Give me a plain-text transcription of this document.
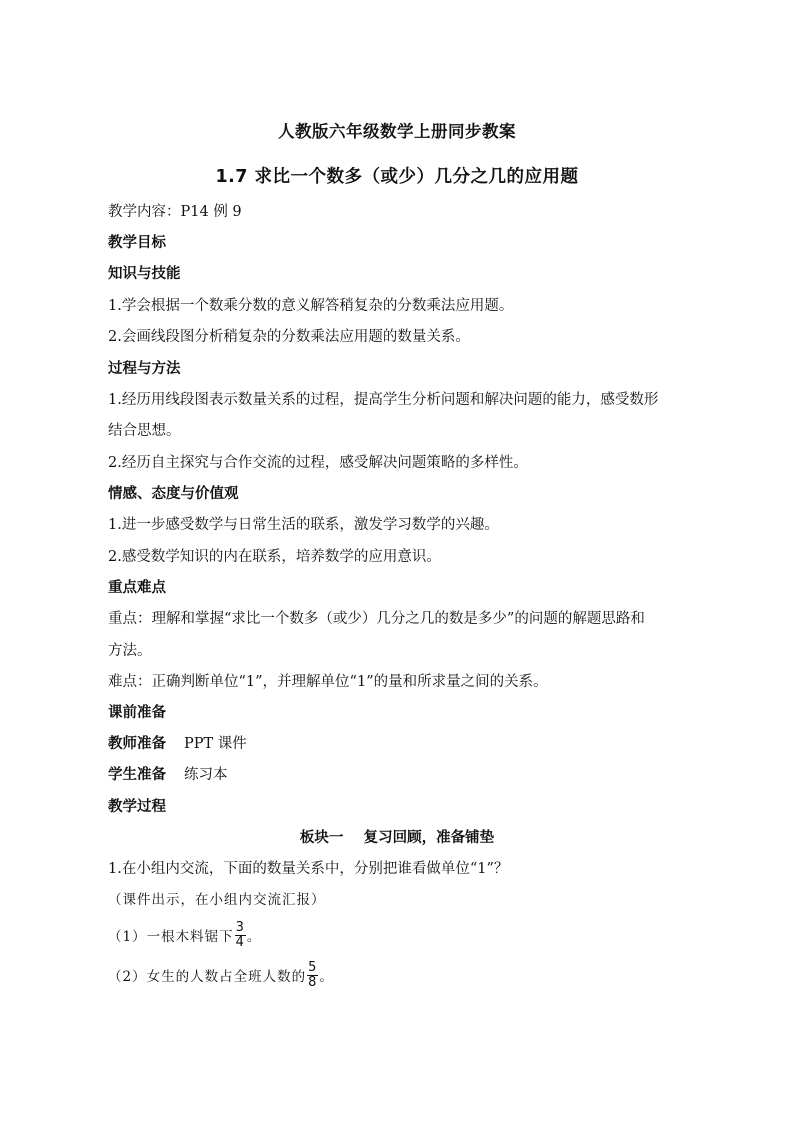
人教版六年级数学上册同步教案
1.7 求比一个数多（或少）几分之几的应用题
教学内容：P14 例 9
教学目标
知识与技能
1.学会根据一个数乘分数的意义解答稍复杂的分数乘法应用题。
2.会画线段图分析稍复杂的分数乘法应用题的数量关系。
过程与方法
1.经历用线段图表示数量关系的过程，提高学生分析问题和解决问题的能力，感受数形
结合思想。
2.经历自主探究与合作交流的过程，感受解决问题策略的多样性。
情感、态度与价值观
1.进一步感受数学与日常生活的联系，激发学习数学的兴趣。
2.感受数学知识的内在联系，培养数学的应用意识。
重点难点
重点：理解和掌握“求比一个数多（或少）几分之几的数是多少”的问题的解题思路和
方法。
难点：正确判断单位“1”，并理解单位“1”的量和所求量之间的关系。
课前准备
教师准备 PPT 课件
学生准备 练习本
教学过程
板块一    复习回顾，准备铺垫
1.在小组内交流，下面的数量关系中，分别把谁看做单位“1”？
（课件出示，在小组内交流汇报）
（1）一根木料锯下 $\frac{3}{4}$ 。
（2）女生的人数占全班人数的 $\frac{5}{8}$ 。
